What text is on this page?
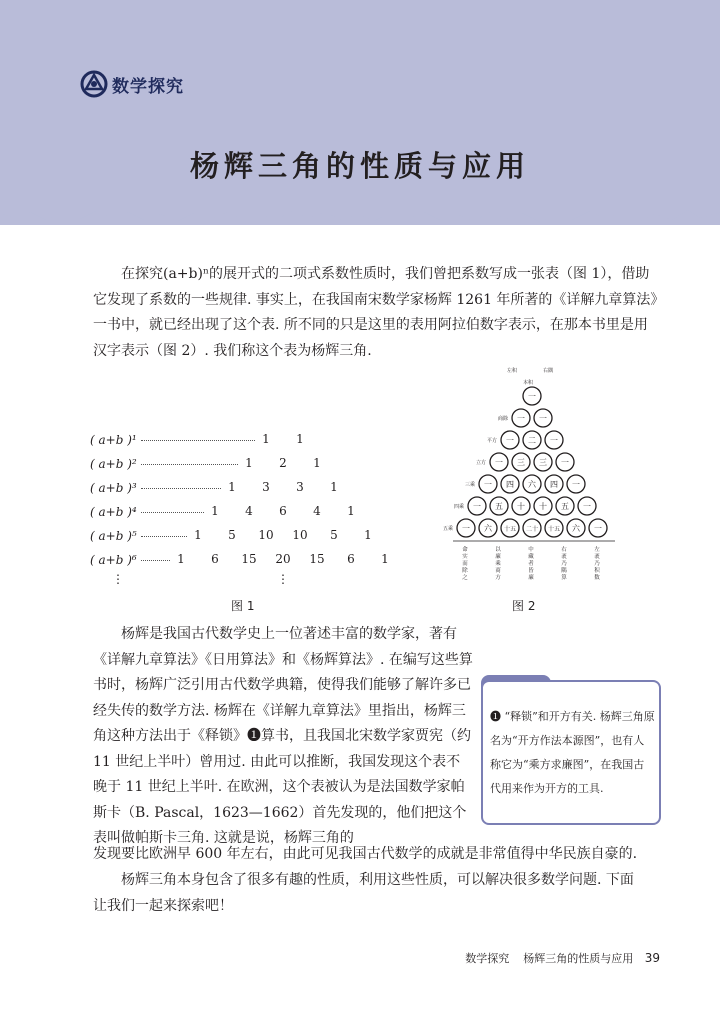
数学探究
杨辉三角的性质与应用
在探究(a+b)ⁿ的展开式的二项式系数性质时，我们曾把系数写成一张表（图 1），借助它发现了系数的一些规律. 事实上，在我国南宋数学家杨辉 1261 年所著的《详解九章算法》一书中，就已经出现了这个表. 所不同的只是这里的表用阿拉伯数字表示，在那本书里是用汉字表示（图 2）. 我们称这个表为杨辉三角.
( a+b )¹	1	1
( a+b )²	1	2	1
( a+b )³	1	3	3	1
( a+b )⁴	1	4	6	4	1
( a+b )⁵	1	5	10	10	5	1
( a+b )⁶	1	6	15	20	15	6	1
⋮	⋮
图 1
一
一 一
一 二 一
一 三 三 一
一 四 六 四 一
一 五 十 十 五 一
一 六 十五 二十 十五 六 一
左积	右隅
本积
商除
平方
立方
三乘
四乘
五乘
命
实
而
除
之
以
廉
乘
商
方
中
藏
者
皆
廉
右
袤
乃
隅
算
左
袤
乃
积
数
图 2
杨辉是我国古代数学史上一位著述丰富的数学家，著有《详解九章算法》《日用算法》和《杨辉算法》. 在编写这些算书时，杨辉广泛引用古代数学典籍，使得我们能够了解许多已经失传的数学方法. 杨辉在《详解九章算法》里指出，杨辉三角这种方法出于《释锁》❶算书，且我国北宋数学家贾宪（约 11 世纪上半叶）曾用过. 由此可以推断，我国发现这个表不晚于 11 世纪上半叶. 在欧洲，这个表被认为是法国数学家帕斯卡（B. Pascal，1623—1662）首先发现的，他们把这个表叫做帕斯卡三角. 这就是说，杨辉三角的
❶ “释锁”和开方有关. 杨辉三角原名为“开方作法本源图”，也有人称它为“乘方求廉图”，在我国古代用来作为开方的工具.
发现要比欧洲早 600 年左右，由此可见我国古代数学的成就是非常值得中华民族自豪的.
杨辉三角本身包含了很多有趣的性质，利用这些性质，可以解决很多数学问题. 下面
让我们一起来探索吧！
数学探究 杨辉三角的性质与应用 39
